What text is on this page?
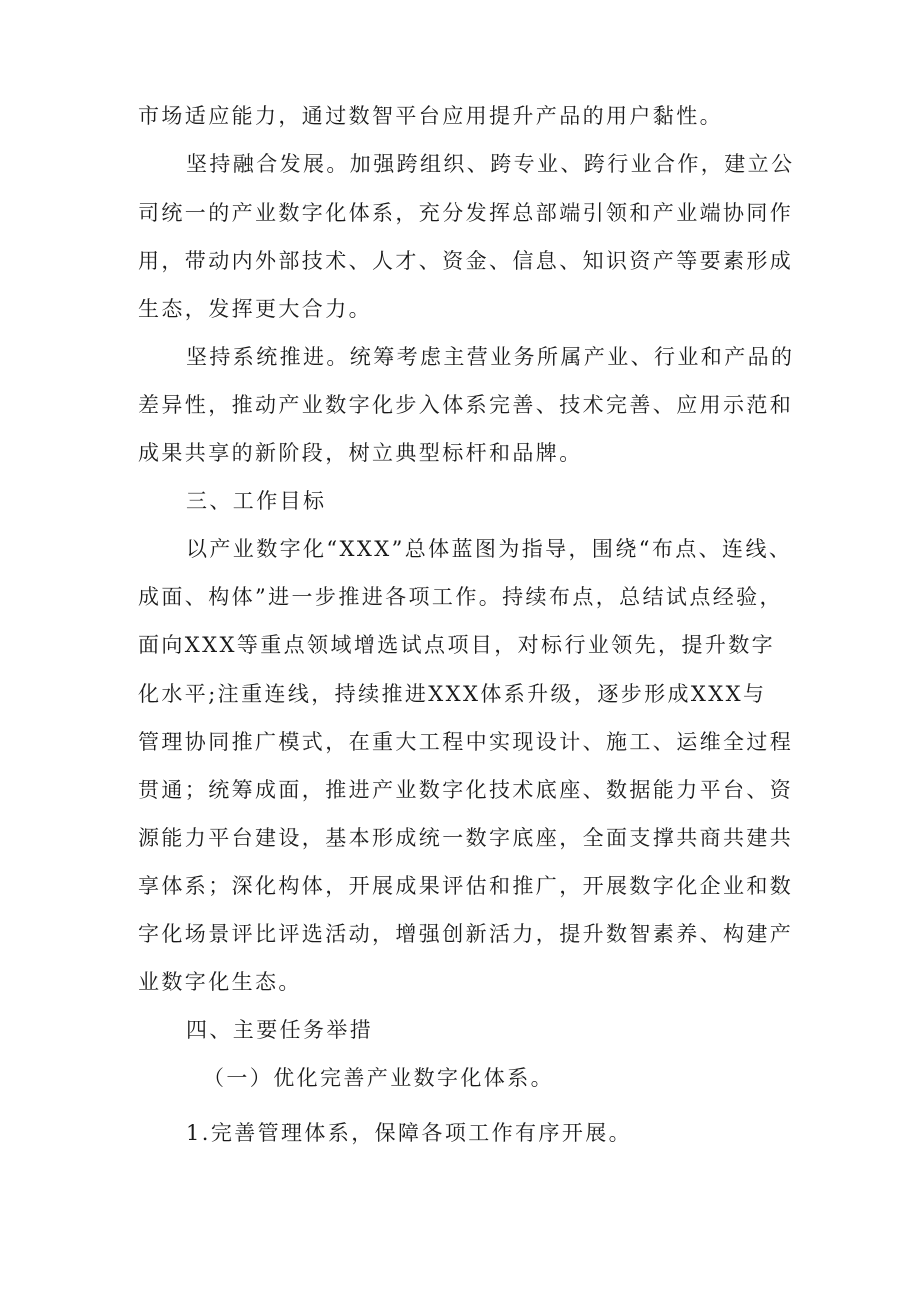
市场适应能力，通过数智平台应用提升产品的用户黏性。
坚持融合发展。加强跨组织、跨专业、跨行业合作，建立公
司统一的产业数字化体系，充分发挥总部端引领和产业端协同作
用，带动内外部技术、人才、资金、信息、知识资产等要素形成
生态，发挥更大合力。
坚持系统推进。统筹考虑主营业务所属产业、行业和产品的
差异性，推动产业数字化步入体系完善、技术完善、应用示范和
成果共享的新阶段，树立典型标杆和品牌。
三、工作目标
以产业数字化“XXX”总体蓝图为指导，围绕“布点、连线、
成面、构体”进一步推进各项工作。持续布点，总结试点经验，
面向XXX等重点领域增选试点项目，对标行业领先，提升数字
化水平;注重连线，持续推进XXX体系升级，逐步形成XXX与
管理协同推广模式，在重大工程中实现设计、施工、运维全过程
贯通；统筹成面，推进产业数字化技术底座、数据能力平台、资
源能力平台建设，基本形成统一数字底座，全面支撑共商共建共
享体系；深化构体，开展成果评估和推广，开展数字化企业和数
字化场景评比评选活动，增强创新活力，提升数智素养、构建产
业数字化生态。
四、主要任务举措
（一）优化完善产业数字化体系。
1.完善管理体系，保障各项工作有序开展。
